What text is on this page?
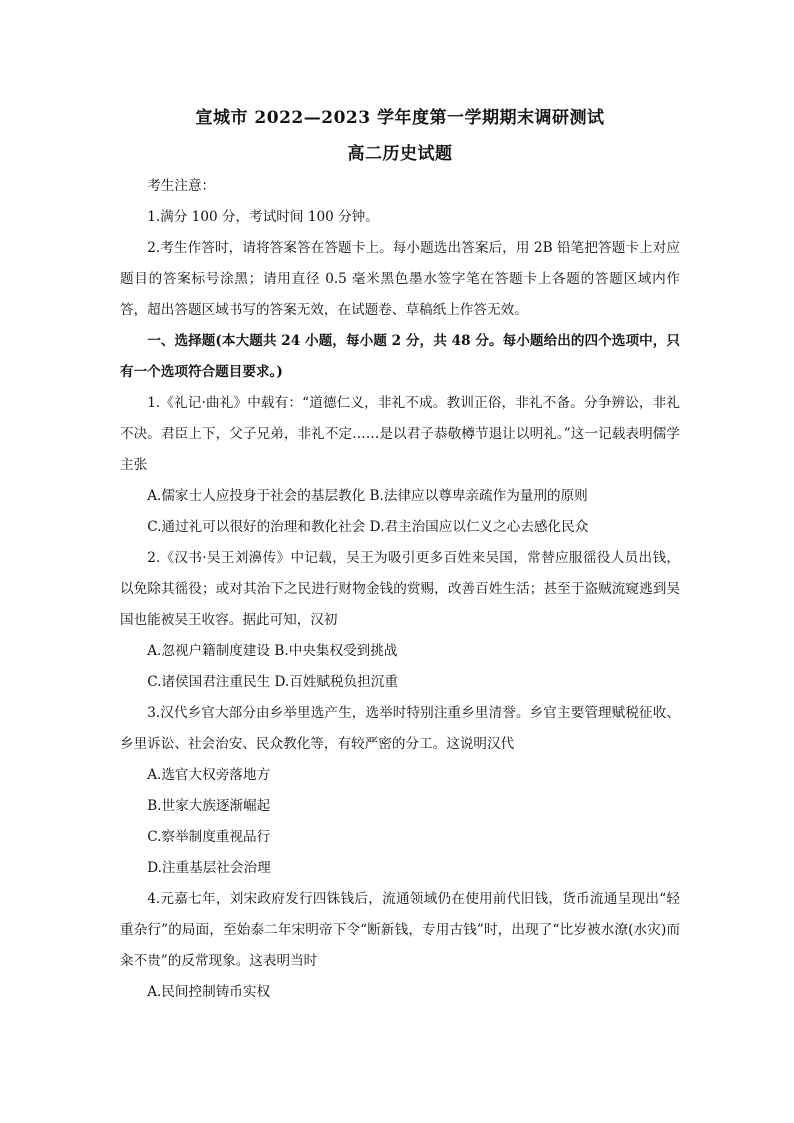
宣城市 2022—2023 学年度第一学期期末调研测试

高二历史试题

考生注意：

1.满分 100 分，考试时间 100 分钟。

2.考生作答时，请将答案答在答题卡上。每小题选出答案后，用 2B 铅笔把答题卡上对应题目的答案标号涂黑；请用直径 0.5 毫米黑色墨水签字笔在答题卡上各题的答题区域内作答，超出答题区域书写的答案无效，在试题卷、草稿纸上作答无效。

一、选择题(本大题共 24 小题，每小题 2 分，共 48 分。每小题给出的四个选项中，只有一个选项符合题目要求。)

1.《礼记·曲礼》中载有：“道德仁义，非礼不成。教训正俗，非礼不备。分争辨讼，非礼不决。君臣上下，父子兄弟，非礼不定……是以君子恭敬樽节退让以明礼。”这一记载表明儒学主张

A.儒家士人应投身于社会的基层教化 B.法律应以尊卑亲疏作为量刑的原则

C.通过礼可以很好的治理和教化社会 D.君主治国应以仁义之心去感化民众

2.《汉书·吴王刘濞传》中记载，吴王为吸引更多百姓来吴国，常替应服徭役人员出钱，以免除其徭役；或对其治下之民进行财物金钱的赏赐，改善百姓生活；甚至于盗贼流窥逃到吴国也能被吴王收容。据此可知，汉初

A.忽视户籍制度建设 B.中央集权受到挑战

C.诸侯国君注重民生 D.百姓赋税负担沉重

3.汉代乡官大部分由乡举里选产生，选举时特别注重乡里清誉。乡官主要管理赋税征收、乡里诉讼、社会治安、民众教化等，有较严密的分工。这说明汉代

A.选官大权旁落地方

B.世家大族逐渐崛起

C.察举制度重视品行

D.注重基层社会治理

4.元嘉七年，刘宋政府发行四铢钱后，流通领域仍在使用前代旧钱，货币流通呈现出“轻重杂行”的局面，至始泰二年宋明帝下令“断新钱，专用古钱”时，出现了“比岁被水潦(水灾)而籴不贵”的反常现象。这表明当时

A.民间控制铸币实权
